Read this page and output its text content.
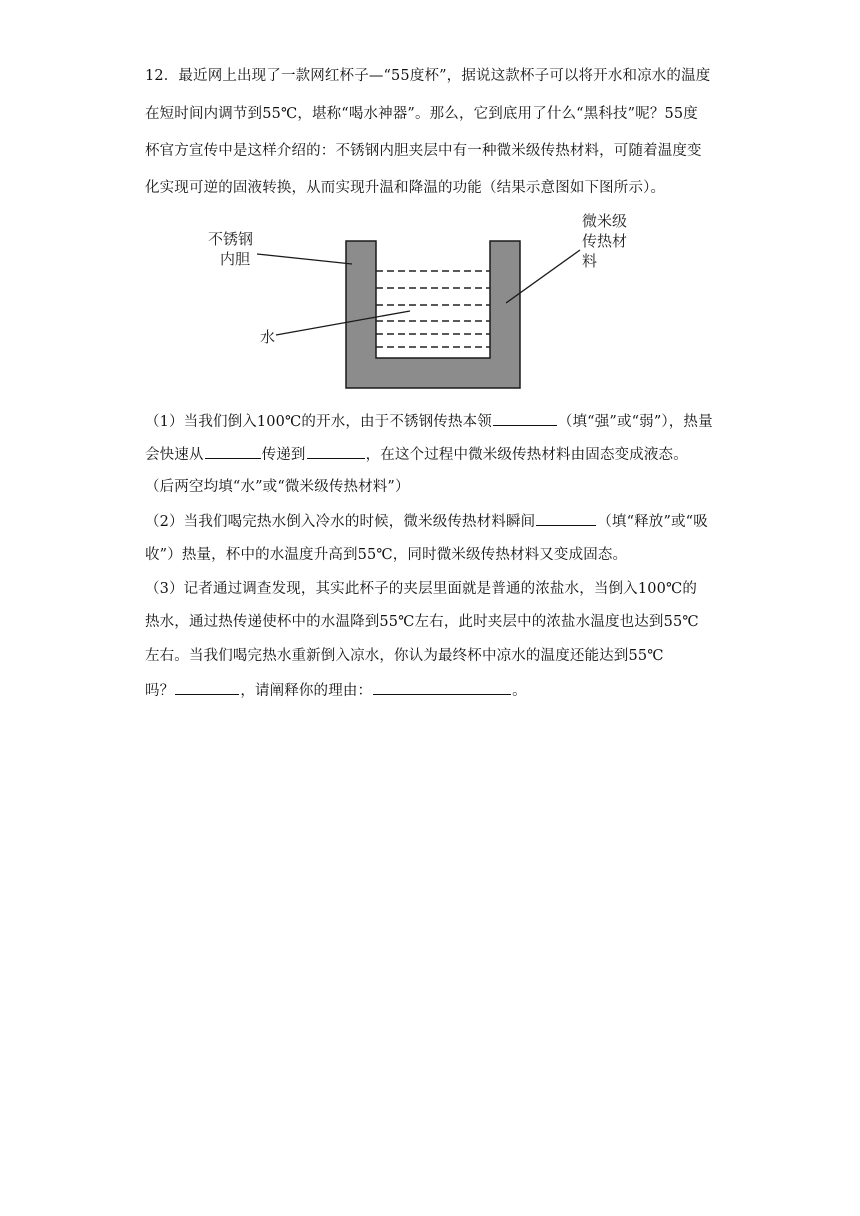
12．最近网上出现了一款网红杯子—“55度杯”，据说这款杯子可以将开水和凉水的温度
在短时间内调节到55℃，堪称“喝水神器”。那么，它到底用了什么“黑科技”呢？55度
杯官方宣传中是这样介绍的：不锈钢内胆夹层中有一种微米级传热材料，可随着温度变
化实现可逆的固液转换，从而实现升温和降温的功能（结果示意图如下图所示）。
不锈钢
内胆
微米级
传热材
料
水
（1）当我们倒入100℃的开水，由于不锈钢传热本领	（填“强”或“弱”），热量
会快速从	传递到	，在这个过程中微米级传热材料由固态变成液态。
（后两空均填“水”或“微米级传热材料”）
（2）当我们喝完热水倒入冷水的时候，微米级传热材料瞬间	（填“释放”或“吸
收”）热量，杯中的水温度升高到55℃，同时微米级传热材料又变成固态。
（3）记者通过调查发现，其实此杯子的夹层里面就是普通的浓盐水，当倒入100℃的
热水，通过热传递使杯中的水温降到55℃左右，此时夹层中的浓盐水温度也达到55℃
左右。当我们喝完热水重新倒入凉水，你认为最终杯中凉水的温度还能达到55℃
吗？	，请阐释你的理由：	。
